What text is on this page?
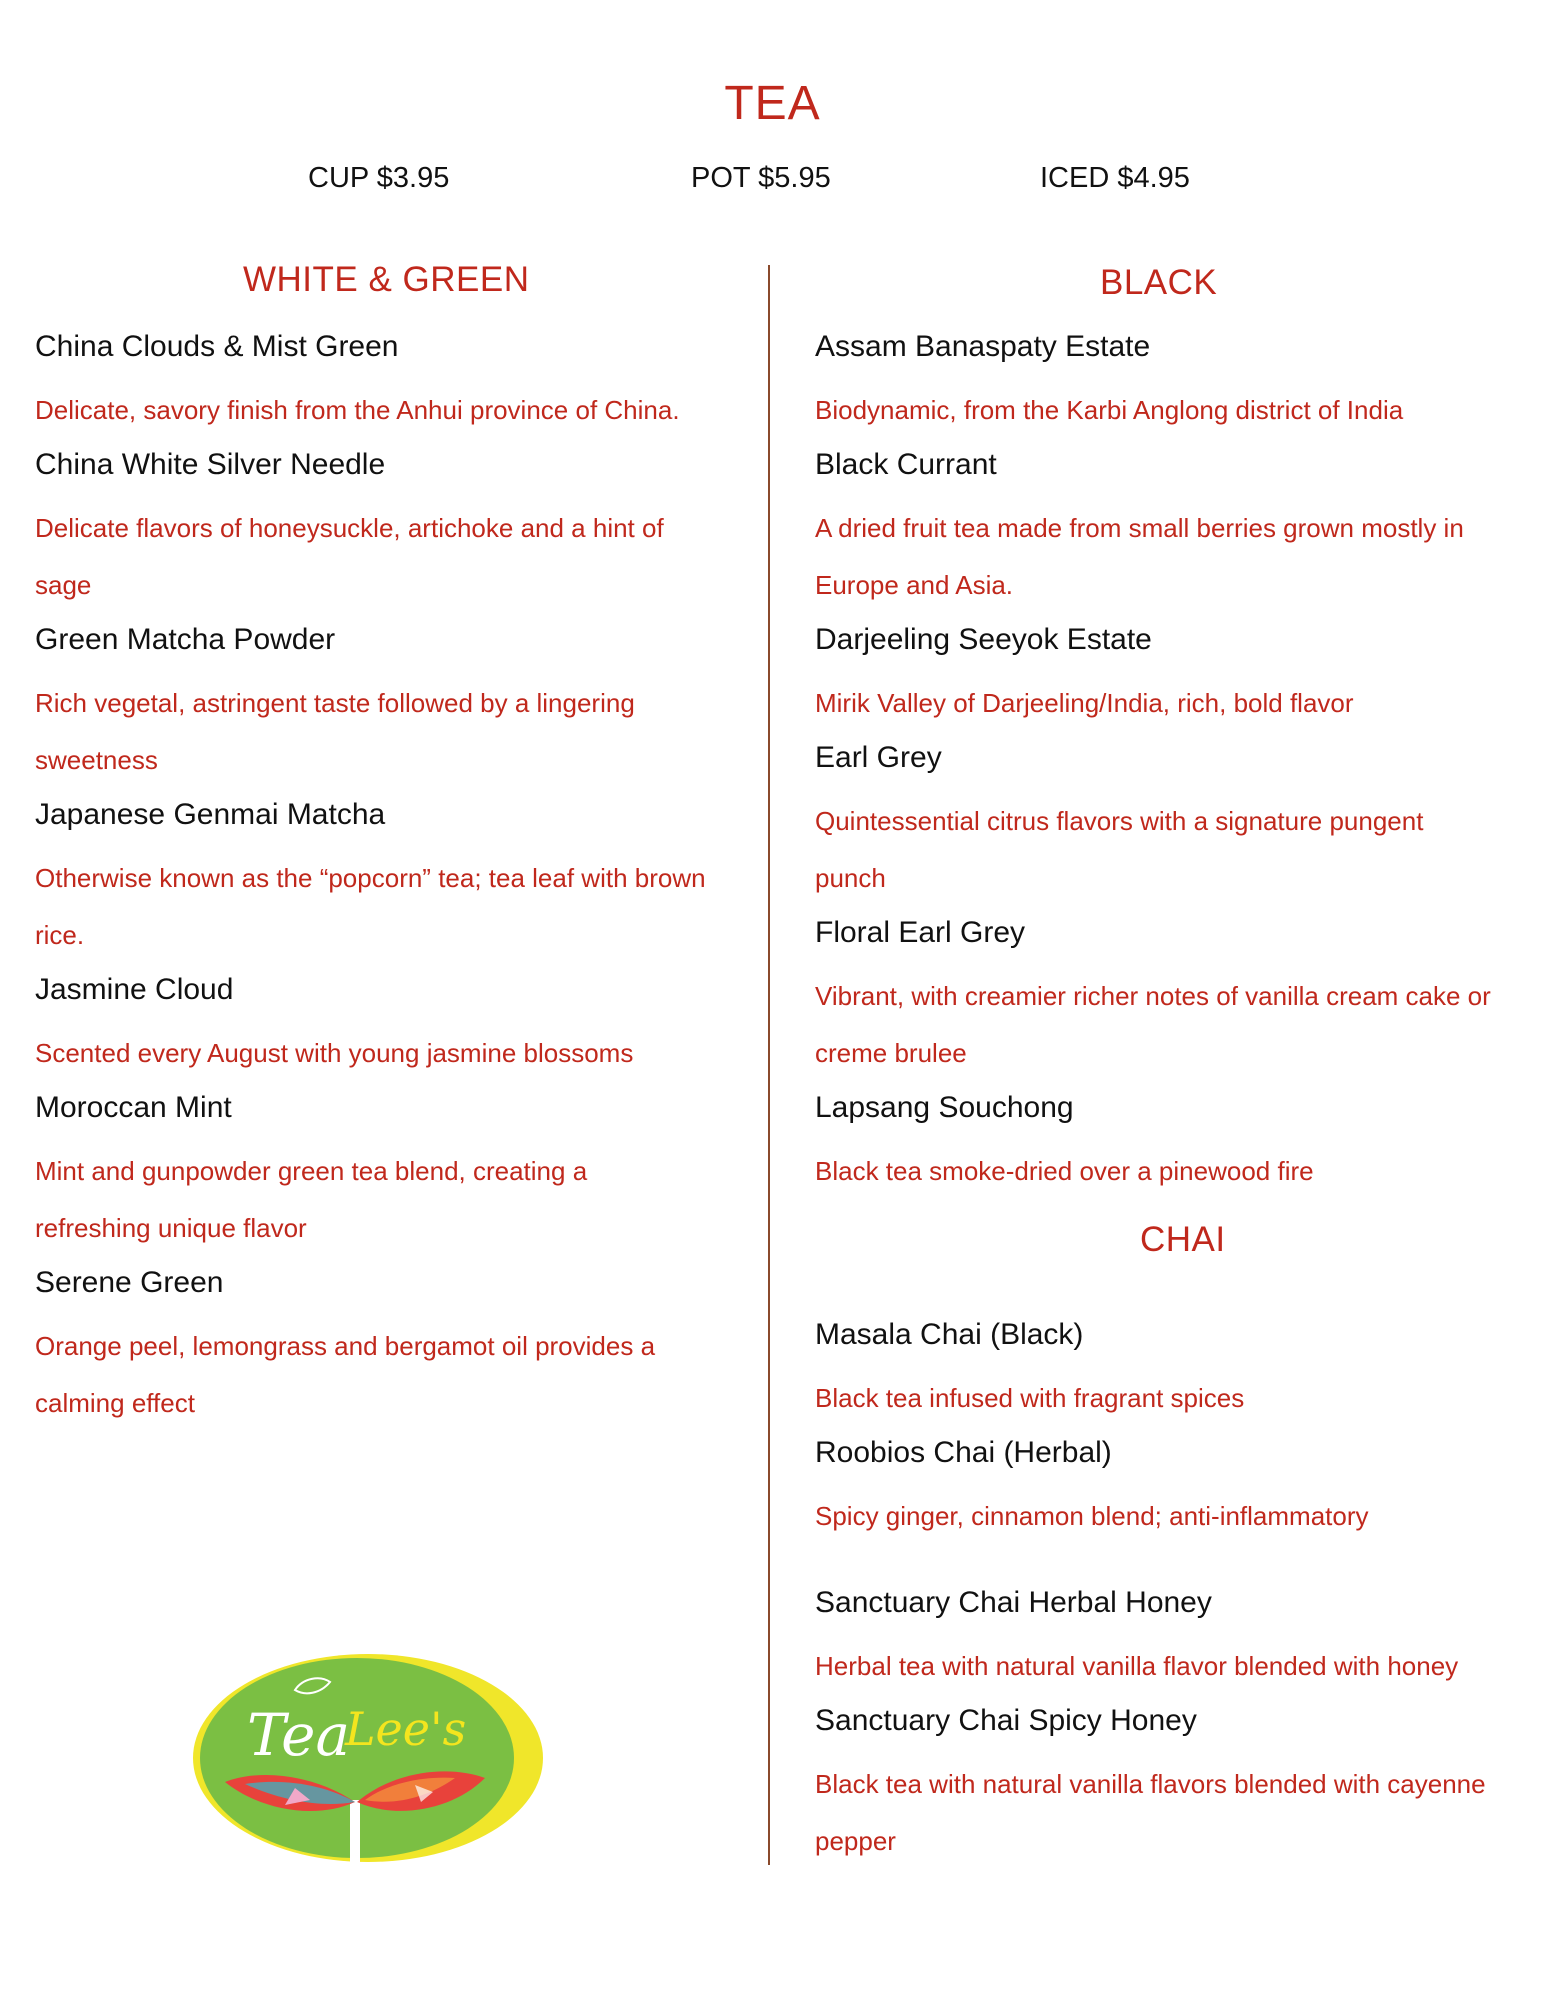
TEA
CUP $3.95	POT $5.95	ICED $4.95
WHITE & GREEN
China Clouds & Mist Green
Delicate, savory finish from the Anhui province of China.
China White Silver Needle
Delicate flavors of honeysuckle, artichoke and a hint of sage
Green Matcha Powder
Rich vegetal, astringent taste followed by a lingering sweetness
Japanese Genmai Matcha
Otherwise known as the “popcorn” tea; tea leaf with brown rice.
Jasmine Cloud
Scented every August with young jasmine blossoms
Moroccan Mint
Mint and gunpowder green tea blend, creating a refreshing unique flavor
Serene Green
Orange peel, lemongrass and bergamot oil provides a calming effect
BLACK
Assam Banaspaty Estate
Biodynamic, from the Karbi Anglong district of India
Black Currant
A dried fruit tea made from small berries grown mostly in Europe and Asia.
Darjeeling Seeyok Estate
Mirik Valley of Darjeeling/India, rich, bold flavor
Earl Grey
Quintessential citrus flavors with a signature pungent punch
Floral Earl Grey
Vibrant, with creamier richer notes of vanilla cream cake or creme brulee
Lapsang Souchong
Black tea smoke-dried over a pinewood fire
CHAI
Masala Chai (Black)
Black tea infused with fragrant spices
Roobios Chai (Herbal)
Spicy ginger, cinnamon blend; anti-inflammatory
Sanctuary Chai Herbal Honey
Herbal tea with natural vanilla flavor blended with honey
Sanctuary Chai Spicy Honey
Black tea with natural vanilla flavors blended with cayenne pepper
Tea
Lee's
